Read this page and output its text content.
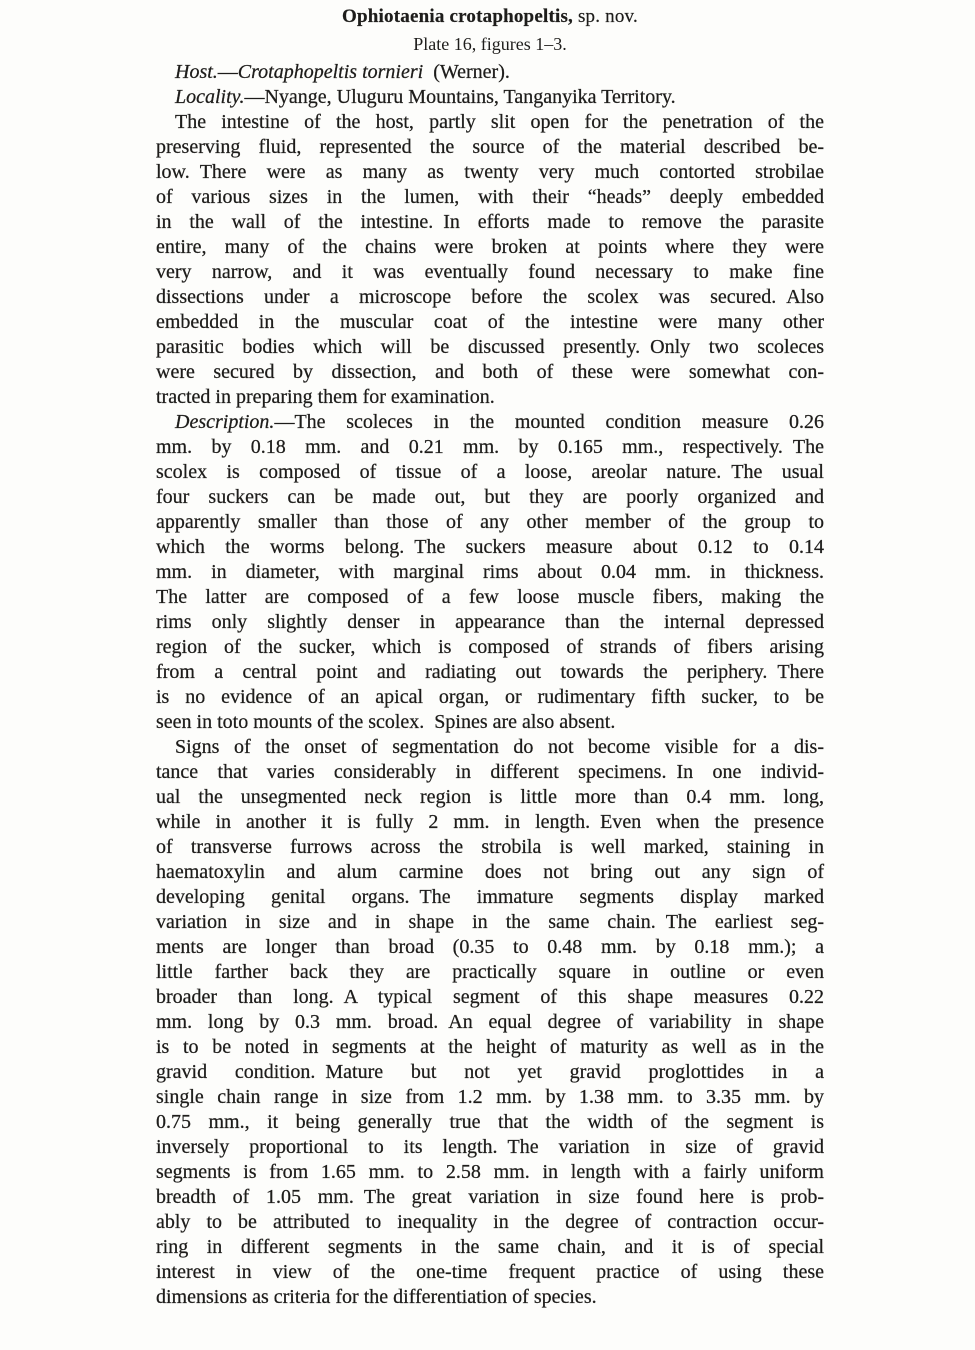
Ophiotaenia crotaphopeltis, sp. nov.
Plate 16, figures 1–3.
Host.—Crotaphopeltis tornieri (Werner).
Locality.—Nyange, Uluguru Mountains, Tanganyika Territory.
The intestine of the host, partly slit open for the penetration of the
preserving fluid, represented the source of the material described be-
low. There were as many as twenty very much contorted strobilae
of various sizes in the lumen, with their “heads” deeply embedded
in the wall of the intestine. In efforts made to remove the parasite
entire, many of the chains were broken at points where they were
very narrow, and it was eventually found necessary to make fine
dissections under a microscope before the scolex was secured. Also
embedded in the muscular coat of the intestine were many other
parasitic bodies which will be discussed presently. Only two scoleces
were secured by dissection, and both of these were somewhat con-
tracted in preparing them for examination.
Description.—The scoleces in the mounted condition measure 0.26
mm. by 0.18 mm. and 0.21 mm. by 0.165 mm., respectively. The
scolex is composed of tissue of a loose, areolar nature. The usual
four suckers can be made out, but they are poorly organized and
apparently smaller than those of any other member of the group to
which the worms belong. The suckers measure about 0.12 to 0.14
mm. in diameter, with marginal rims about 0.04 mm. in thickness.
The latter are composed of a few loose muscle fibers, making the
rims only slightly denser in appearance than the internal depressed
region of the sucker, which is composed of strands of fibers arising
from a central point and radiating out towards the periphery. There
is no evidence of an apical organ, or rudimentary fifth sucker, to be
seen in toto mounts of the scolex. Spines are also absent.
Signs of the onset of segmentation do not become visible for a dis-
tance that varies considerably in different specimens. In one individ-
ual the unsegmented neck region is little more than 0.4 mm. long,
while in another it is fully 2 mm. in length. Even when the presence
of transverse furrows across the strobila is well marked, staining in
haematoxylin and alum carmine does not bring out any sign of
developing genital organs. The immature segments display marked
variation in size and in shape in the same chain. The earliest seg-
ments are longer than broad (0.35 to 0.48 mm. by 0.18 mm.); a
little farther back they are practically square in outline or even
broader than long. A typical segment of this shape measures 0.22
mm. long by 0.3 mm. broad. An equal degree of variability in shape
is to be noted in segments at the height of maturity as well as in the
gravid condition. Mature but not yet gravid proglottides in a
single chain range in size from 1.2 mm. by 1.38 mm. to 3.35 mm. by
0.75 mm., it being generally true that the width of the segment is
inversely proportional to its length. The variation in size of gravid
segments is from 1.65 mm. to 2.58 mm. in length with a fairly uniform
breadth of 1.05 mm. The great variation in size found here is prob-
ably to be attributed to inequality in the degree of contraction occur-
ring in different segments in the same chain, and it is of special
interest in view of the one-time frequent practice of using these
dimensions as criteria for the differentiation of species.
